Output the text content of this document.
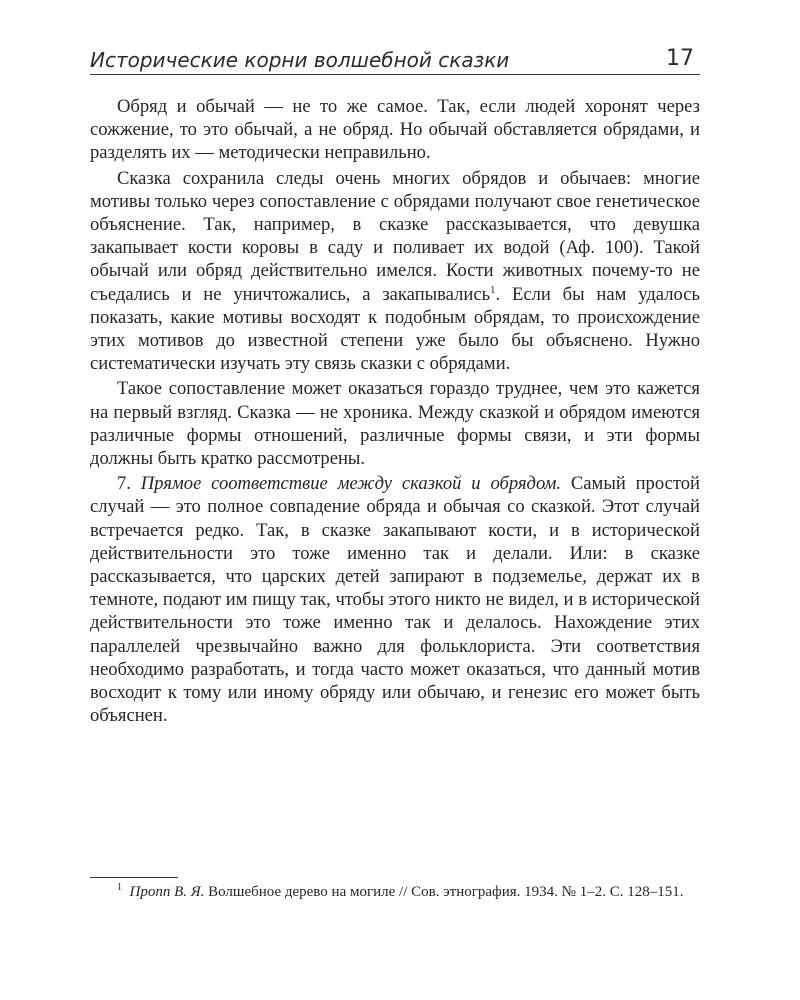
Исторические корни волшебной сказки	17

Обряд и обычай — не то же самое. Так, если людей хоронят через сожжение, то это обычай, а не обряд. Но обычай обставляется обрядами, и разделять их — методически неправильно.

Сказка сохранила следы очень многих обрядов и обычаев: многие мотивы только через сопоставление с обрядами получают свое генетическое объяснение. Так, например, в сказке рассказывается, что девушка закапывает кости коровы в саду и поливает их водой (Аф. 100). Такой обычай или обряд действительно имелся. Кости животных почему-то не съедались и не уничтожались, а закапывались$^1$. Если бы нам удалось показать, какие мотивы восходят к подобным обрядам, то происхождение этих мотивов до известной степени уже было бы объяснено. Нужно систематически изучать эту связь сказки с обрядами.

Такое сопоставление может оказаться гораздо труднее, чем это кажется на первый взгляд. Сказка — не хроника. Между сказкой и обрядом имеются различные формы отношений, различные формы связи, и эти формы должны быть кратко рассмотрены.

7. Прямое соответствие между сказкой и обрядом. Самый простой случай — это полное совпадение обряда и обычая со сказкой. Этот случай встречается редко. Так, в сказке закапывают кости, и в исторической действительности это тоже именно так и делали. Или: в сказке рассказывается, что царских детей запирают в подземелье, держат их в темноте, подают им пищу так, чтобы этого никто не видел, и в исторической действительности это тоже именно так и делалось. Нахождение этих параллелей чрезвычайно важно для фольклориста. Эти соответствия необходимо разработать, и тогда часто может оказаться, что данный мотив восходит к тому или иному обряду или обычаю, и генезис его может быть объяснен.

$^1$ Пропп В. Я. Волшебное дерево на могиле // Сов. этнография. 1934. № 1–2. С. 128–151.
